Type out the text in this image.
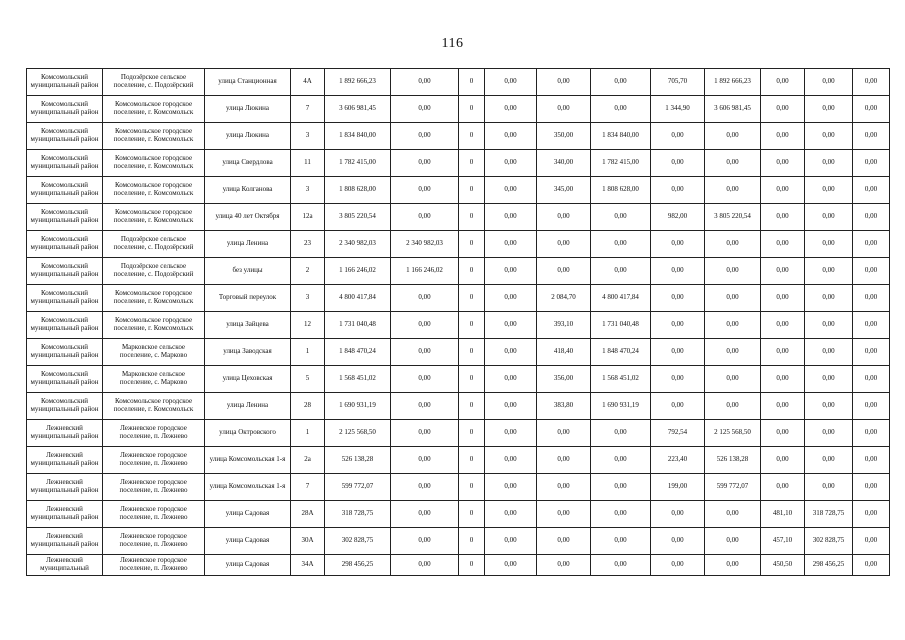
116
Комсомольский муниципальный район	Подозёрское сельское поселение, с. Подозёрский	улица Станционная	4А	1 892 666,23	0,00	0	0,00	0,00	0,00	705,70	1 892 666,23	0,00	0,00	0,00
Комсомольский муниципальный район	Комсомольское городское поселение, г. Комсомольск	улица Люкина	7	3 606 981,45	0,00	0	0,00	0,00	0,00	1 344,90	3 606 981,45	0,00	0,00	0,00
Комсомольский муниципальный район	Комсомольское городское поселение, г. Комсомольск	улица Люкина	3	1 834 840,00	0,00	0	0,00	350,00	1 834 840,00	0,00	0,00	0,00	0,00	0,00
Комсомольский муниципальный район	Комсомольское городское поселение, г. Комсомольск	улица Свердлова	11	1 782 415,00	0,00	0	0,00	340,00	1 782 415,00	0,00	0,00	0,00	0,00	0,00
Комсомольский муниципальный район	Комсомольское городское поселение, г. Комсомольск	улица Колганова	3	1 808 628,00	0,00	0	0,00	345,00	1 808 628,00	0,00	0,00	0,00	0,00	0,00
Комсомольский муниципальный район	Комсомольское городское поселение, г. Комсомольск	улица 40 лет Октября	12а	3 805 220,54	0,00	0	0,00	0,00	0,00	982,00	3 805 220,54	0,00	0,00	0,00
Комсомольский муниципальный район	Подозёрское сельское поселение, с. Подозёрский	улица Ленина	23	2 340 982,03	2 340 982,03	0	0,00	0,00	0,00	0,00	0,00	0,00	0,00	0,00
Комсомольский муниципальный район	Подозёрское сельское поселение, с. Подозёрский	без улицы	2	1 166 246,02	1 166 246,02	0	0,00	0,00	0,00	0,00	0,00	0,00	0,00	0,00
Комсомольский муниципальный район	Комсомольское городское поселение, г. Комсомольск	Торговый переулок	3	4 800 417,84	0,00	0	0,00	2 084,70	4 800 417,84	0,00	0,00	0,00	0,00	0,00
Комсомольский муниципальный район	Комсомольское городское поселение, г. Комсомольск	улица Зайцева	12	1 731 040,48	0,00	0	0,00	393,10	1 731 040,48	0,00	0,00	0,00	0,00	0,00
Комсомольский муниципальный район	Марковское сельское поселение, с. Марково	улица Заводская	1	1 848 470,24	0,00	0	0,00	418,40	1 848 470,24	0,00	0,00	0,00	0,00	0,00
Комсомольский муниципальный район	Марковское сельское поселение, с. Марково	улица Цеховская	5	1 568 451,02	0,00	0	0,00	356,00	1 568 451,02	0,00	0,00	0,00	0,00	0,00
Комсомольский муниципальный район	Комсомольское городское поселение, г. Комсомольск	улица Ленина	28	1 690 931,19	0,00	0	0,00	383,80	1 690 931,19	0,00	0,00	0,00	0,00	0,00
Лежневский муниципальный район	Лежневское городское поселение, п. Лежнево	улица Октровского	1	2 125 568,50	0,00	0	0,00	0,00	0,00	792,54	2 125 568,50	0,00	0,00	0,00
Лежневский муниципальный район	Лежневское городское поселение, п. Лежнево	улица Комсомольская 1-я	2а	526 138,28	0,00	0	0,00	0,00	0,00	223,40	526 138,28	0,00	0,00	0,00
Лежневский муниципальный район	Лежневское городское поселение, п. Лежнево	улица Комсомольская 1-я	7	599 772,07	0,00	0	0,00	0,00	0,00	199,00	599 772,07	0,00	0,00	0,00
Лежневский муниципальный район	Лежневское городское поселение, п. Лежнево	улица Садовая	28А	318 728,75	0,00	0	0,00	0,00	0,00	0,00	0,00	481,10	318 728,75	0,00
Лежневский муниципальный район	Лежневское городское поселение, п. Лежнево	улица Садовая	30А	302 828,75	0,00	0	0,00	0,00	0,00	0,00	0,00	457,10	302 828,75	0,00
Лежневский муниципальный	Лежневское городское поселение, п. Лежнево	улица Садовая	34А	298 456,25	0,00	0	0,00	0,00	0,00	0,00	0,00	450,50	298 456,25	0,00
